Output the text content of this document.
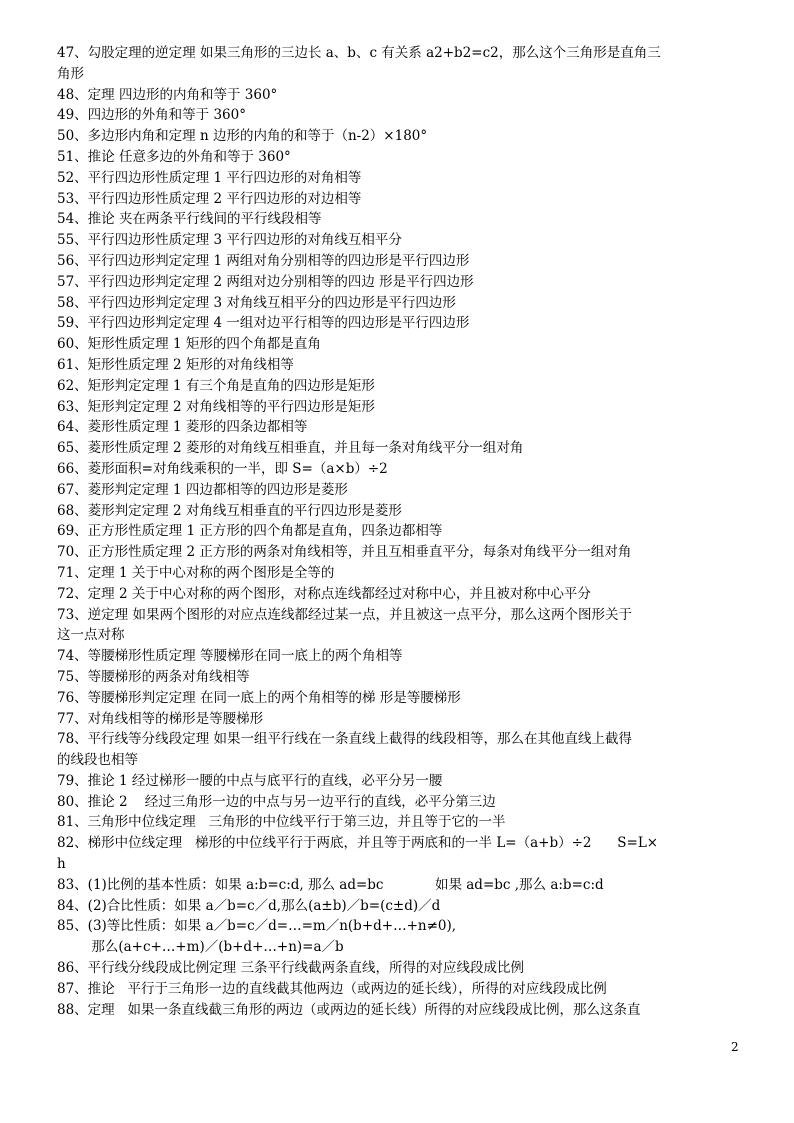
47、勾股定理的逆定理 如果三角形的三边长 a、b、c 有关系 a2+b2=c2，那么这个三角形是直角三
角形
48、定理 四边形的内角和等于 360°
49、四边形的外角和等于 360°
50、多边形内角和定理 n 边形的内角的和等于（n-2）×180°
51、推论 任意多边的外角和等于 360°
52、平行四边形性质定理 1 平行四边形的对角相等
53、平行四边形性质定理 2 平行四边形的对边相等
54、推论 夹在两条平行线间的平行线段相等
55、平行四边形性质定理 3 平行四边形的对角线互相平分
56、平行四边形判定定理 1 两组对角分别相等的四边形是平行四边形
57、平行四边形判定定理 2 两组对边分别相等的四边 形是平行四边形
58、平行四边形判定定理 3 对角线互相平分的四边形是平行四边形
59、平行四边形判定定理 4 一组对边平行相等的四边形是平行四边形
60、矩形性质定理 1 矩形的四个角都是直角
61、矩形性质定理 2 矩形的对角线相等
62、矩形判定定理 1 有三个角是直角的四边形是矩形
63、矩形判定定理 2 对角线相等的平行四边形是矩形
64、菱形性质定理 1 菱形的四条边都相等
65、菱形性质定理 2 菱形的对角线互相垂直，并且每一条对角线平分一组对角
66、菱形面积=对角线乘积的一半，即 S=（a×b）÷2
67、菱形判定定理 1 四边都相等的四边形是菱形
68、菱形判定定理 2 对角线互相垂直的平行四边形是菱形
69、正方形性质定理 1 正方形的四个角都是直角，四条边都相等
70、正方形性质定理 2 正方形的两条对角线相等，并且互相垂直平分，每条对角线平分一组对角
71、定理 1 关于中心对称的两个图形是全等的
72、定理 2 关于中心对称的两个图形，对称点连线都经过对称中心，并且被对称中心平分
73、逆定理 如果两个图形的对应点连线都经过某一点，并且被这一点平分，那么这两个图形关于
这一点对称
74、等腰梯形性质定理 等腰梯形在同一底上的两个角相等
75、等腰梯形的两条对角线相等
76、等腰梯形判定定理 在同一底上的两个角相等的梯 形是等腰梯形
77、对角线相等的梯形是等腰梯形
78、平行线等分线段定理 如果一组平行线在一条直线上截得的线段相等，那么在其他直线上截得
的线段也相等
79、推论 1 经过梯形一腰的中点与底平行的直线，必平分另一腰
80、推论 2    经过三角形一边的中点与另一边平行的直线，必平分第三边
81、三角形中位线定理   三角形的中位线平行于第三边，并且等于它的一半
82、梯形中位线定理   梯形的中位线平行于两底，并且等于两底和的一半 L=（a+b）÷2      S=L×
h
83、(1)比例的基本性质：如果 a:b=c:d, 那么 ad=bc            如果 ad=bc ,那么 a:b=c:d
84、(2)合比性质：如果 a／b=c／d,那么(a±b)／b=(c±d)／d
85、(3)等比性质：如果 a／b=c／d=…=m／n(b+d+…+n≠0),
那么(a+c+…+m)／(b+d+…+n)=a／b
86、平行线分线段成比例定理 三条平行线截两条直线，所得的对应线段成比例
87、推论   平行于三角形一边的直线截其他两边（或两边的延长线），所得的对应线段成比例
88、定理   如果一条直线截三角形的两边（或两边的延长线）所得的对应线段成比例，那么这条直
2
